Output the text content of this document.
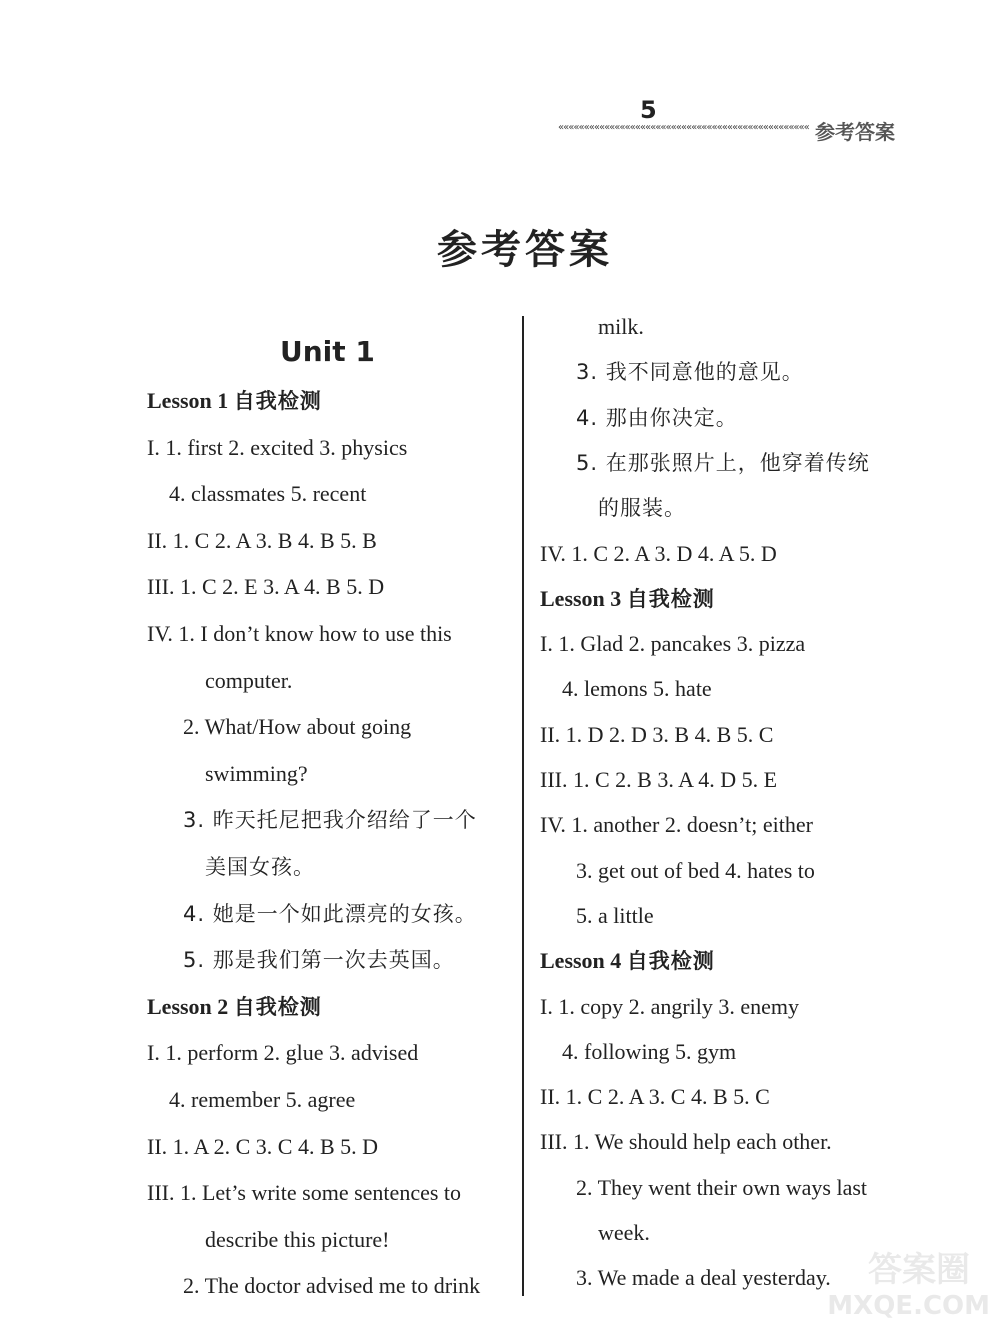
5
««««««««««««««««««««««««««««««««««««««««««««««««« 参考答案
参考答案
Unit 1
Lesson 1 自我检测
I. 1. first 2. excited 3. physics
4. classmates 5. recent
II. 1. C 2. A 3. B 4. B 5. B
III. 1. C 2. E 3. A 4. B 5. D
IV. 1. I don’t know how to use this
computer.
2. What/How about going
swimming?
3. 昨天托尼把我介绍给了一个
美国女孩。
4. 她是一个如此漂亮的女孩。
5. 那是我们第一次去英国。
Lesson 2 自我检测
I. 1. perform 2. glue 3. advised
4. remember 5. agree
II. 1. A 2. C 3. C 4. B 5. D
III. 1. Let’s write some sentences to
describe this picture!
2. The doctor advised me to drink
milk.
3. 我不同意他的意见。
4. 那由你决定。
5. 在那张照片上，他穿着传统
的服装。
IV. 1. C 2. A 3. D 4. A 5. D
Lesson 3 自我检测
I. 1. Glad 2. pancakes 3. pizza
4. lemons 5. hate
II. 1. D 2. D 3. B 4. B 5. C
III. 1. C 2. B 3. A 4. D 5. E
IV. 1. another 2. doesn’t; either
3. get out of bed 4. hates to
5. a little
Lesson 4 自我检测
I. 1. copy 2. angrily 3. enemy
4. following 5. gym
II. 1. C 2. A 3. C 4. B 5. C
III. 1. We should help each other.
2. They went their own ways last
week.
3. We made a deal yesterday. 答案圈
MXQE.COM
